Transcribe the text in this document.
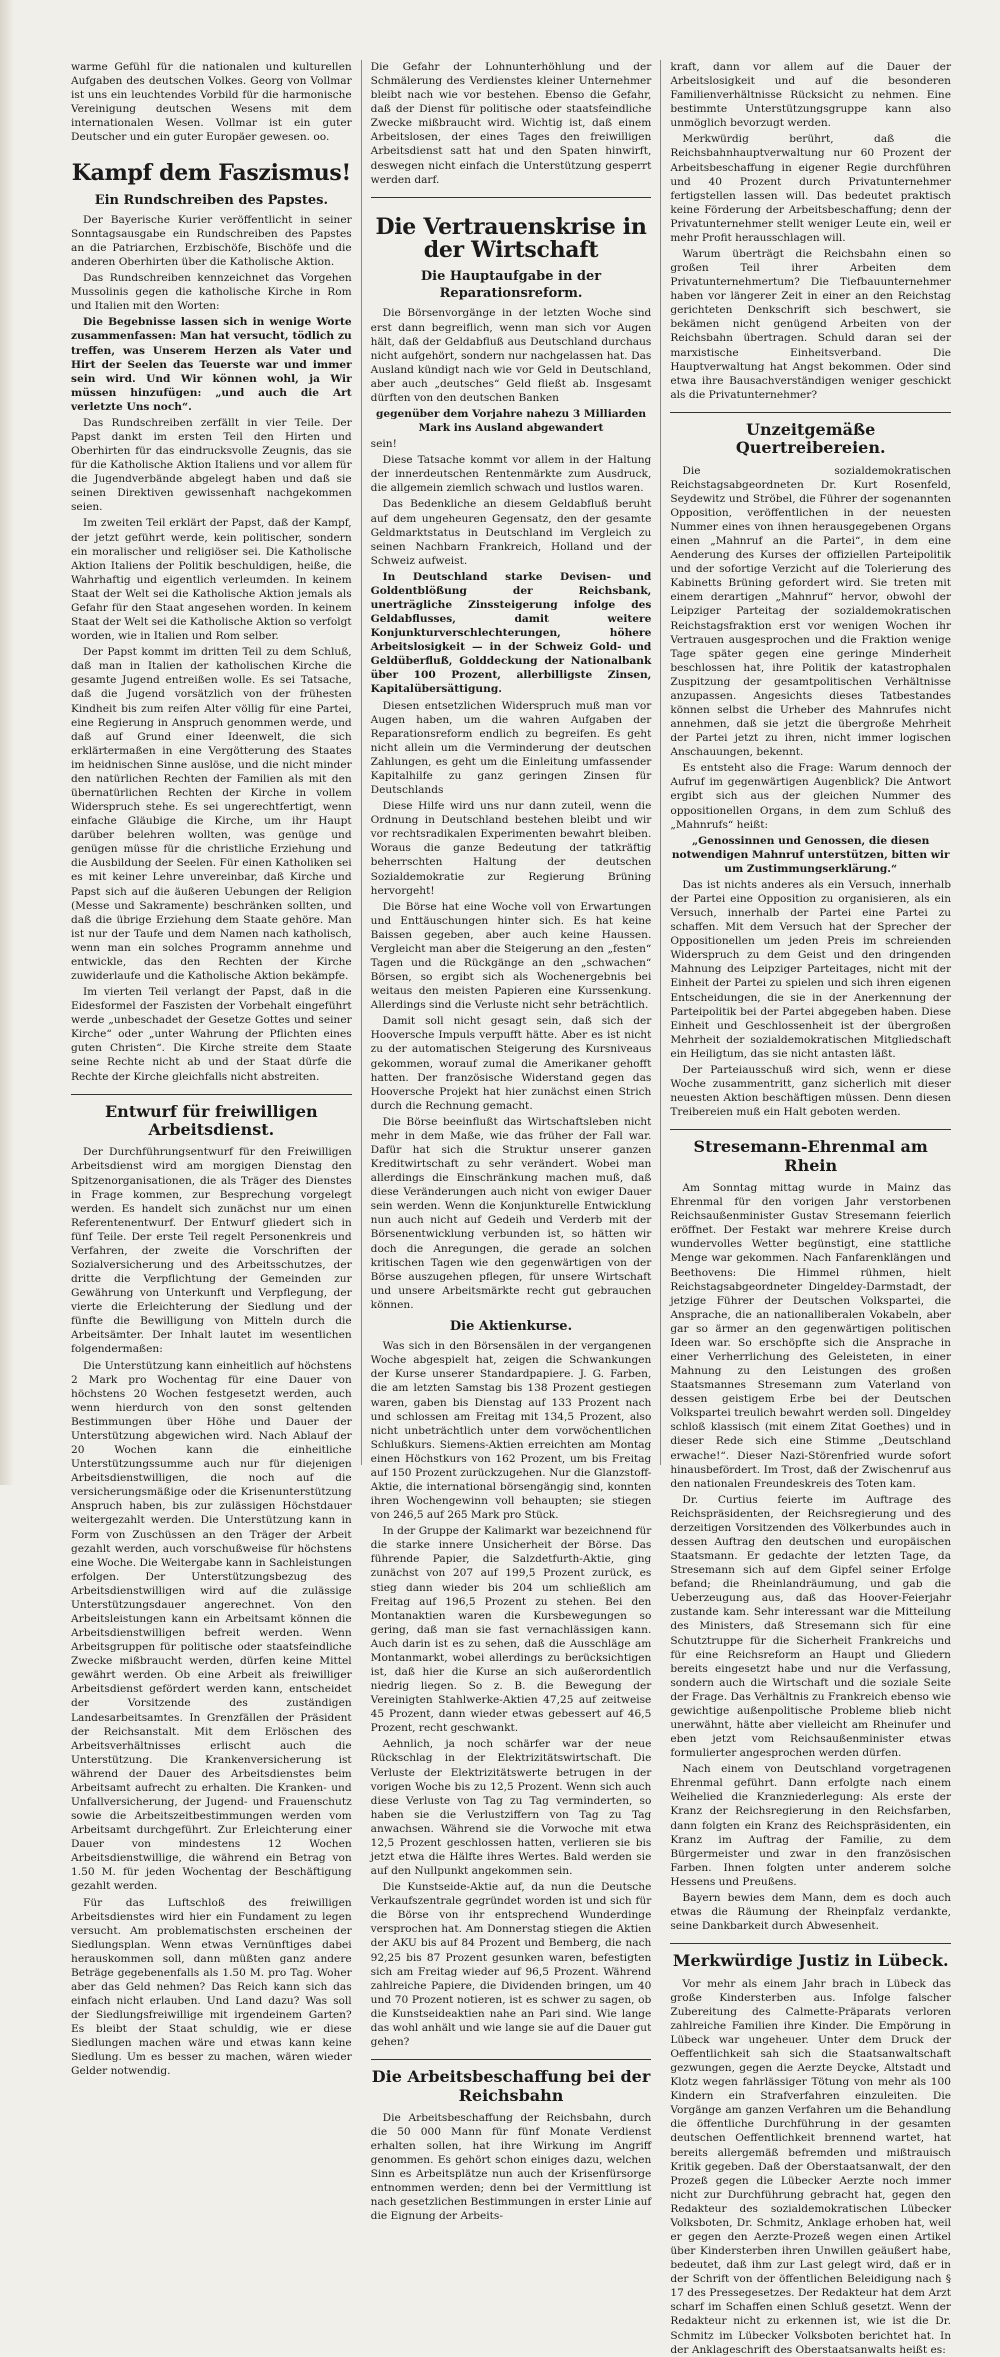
warme Gefühl für die nationalen und kulturellen Aufgaben des deutschen Volkes. Georg von Vollmar ist uns ein leuchtendes Vorbild für die harmonische Vereinigung deutschen Wesens mit dem internationalen Wesen. Vollmar ist ein guter Deutscher und ein guter Europäer gewesen. oo.

Kampf dem Faszismus!
Ein Rundschreiben des Papstes.

Der Bayerische Kurier veröffentlicht in seiner Sonntagsausgabe ein Rundschreiben des Papstes an die Patriarchen, Erzbischöfe, Bischöfe und die anderen Oberhirten über die Katholische Aktion.

Das Rundschreiben kennzeichnet das Vorgehen Mussolinis gegen die katholische Kirche in Rom und Italien mit den Worten:

Die Begebnisse lassen sich in wenige Worte zusammenfassen: Man hat versucht, tödlich zu treffen, was Unserem Herzen als Vater und Hirt der Seelen das Teuerste war und immer sein wird. Und Wir können wohl, ja Wir müssen hinzufügen: „und auch die Art verletzte Uns noch“.

Das Rundschreiben zerfällt in vier Teile. Der Papst dankt im ersten Teil den Hirten und Oberhirten für das eindrucksvolle Zeugnis, das sie für die Katholische Aktion Italiens und vor allem für die Jugendverbände abgelegt haben und daß sie seinen Direktiven gewissenhaft nachgekommen seien.

Im zweiten Teil erklärt der Papst, daß der Kampf, der jetzt geführt werde, kein politischer, sondern ein moralischer und religiöser sei. Die Katholische Aktion Italiens der Politik beschuldigen, heiße, die Wahrhaftig und eigentlich verleumden. In keinem Staat der Welt sei die Katholische Aktion jemals als Gefahr für den Staat angesehen worden. In keinem Staat der Welt sei die Katholische Aktion so verfolgt worden, wie in Italien und Rom selber.

Der Papst kommt im dritten Teil zu dem Schluß, daß man in Italien der katholischen Kirche die gesamte Jugend entreißen wolle. Es sei Tatsache, daß die Jugend vorsätzlich von der frühesten Kindheit bis zum reifen Alter völlig für eine Partei, eine Regierung in Anspruch genommen werde, und daß auf Grund einer Ideenwelt, die sich erklärtermaßen in eine Vergötterung des Staates im heidnischen Sinne auslöse, und die nicht minder den natürlichen Rechten der Familien als mit den übernatürlichen Rechten der Kirche in vollem Widerspruch stehe. Es sei ungerechtfertigt, wenn einfache Gläubige die Kirche, um ihr Haupt darüber belehren wollten, was genüge und genügen müsse für die christliche Erziehung und die Ausbildung der Seelen. Für einen Katholiken sei es mit keiner Lehre unvereinbar, daß Kirche und Papst sich auf die äußeren Uebungen der Religion (Messe und Sakramente) beschränken sollten, und daß die übrige Erziehung dem Staate gehöre. Man ist nur der Taufe und dem Namen nach katholisch, wenn man ein solches Programm annehme und entwickle, das den Rechten der Kirche zuwiderlaufe und die Katholische Aktion bekämpfe.

Im vierten Teil verlangt der Papst, daß in die Eidesformel der Faszisten der Vorbehalt eingeführt werde „unbeschadet der Gesetze Gottes und seiner Kirche“ oder „unter Wahrung der Pflichten eines guten Christen“. Die Kirche streite dem Staate seine Rechte nicht ab und der Staat dürfe die Rechte der Kirche gleichfalls nicht abstreiten.

Entwurf für freiwilligen Arbeitsdienst.

Der Durchführungsentwurf für den Freiwilligen Arbeitsdienst wird am morgigen Dienstag den Spitzenorganisationen, die als Träger des Dienstes in Frage kommen, zur Besprechung vorgelegt werden. Es handelt sich zunächst nur um einen Referentenentwurf. Der Entwurf gliedert sich in fünf Teile. Der erste Teil regelt Personenkreis und Verfahren, der zweite die Vorschriften der Sozialversicherung und des Arbeitsschutzes, der dritte die Verpflichtung der Gemeinden zur Gewährung von Unterkunft und Verpflegung, der vierte die Erleichterung der Siedlung und der fünfte die Bewilligung von Mitteln durch die Arbeitsämter. Der Inhalt lautet im wesentlichen folgendermaßen:

Die Unterstützung kann einheitlich auf höchstens 2 Mark pro Wochentag für eine Dauer von höchstens 20 Wochen festgesetzt werden, auch wenn hierdurch von den sonst geltenden Bestimmungen über Höhe und Dauer der Unterstützung abgewichen wird. Nach Ablauf der 20 Wochen kann die einheitliche Unterstützungssumme auch nur für diejenigen Arbeitsdienstwilligen, die noch auf die versicherungsmäßige oder die Krisenunterstützung Anspruch haben, bis zur zulässigen Höchstdauer weitergezahlt werden. Die Unterstützung kann in Form von Zuschüssen an den Träger der Arbeit gezahlt werden, auch vorschußweise für höchstens eine Woche. Die Weitergabe kann in Sachleistungen erfolgen. Der Unterstützungsbezug des Arbeitsdienstwilligen wird auf die zulässige Unterstützungsdauer angerechnet. Von den Arbeitsleistungen kann ein Arbeitsamt können die Arbeitsdienstwilligen befreit werden. Wenn Arbeitsgruppen für politische oder staatsfeindliche Zwecke mißbraucht werden, dürfen keine Mittel gewährt werden. Ob eine Arbeit als freiwilliger Arbeitsdienst gefördert werden kann, entscheidet der Vorsitzende des zuständigen Landesarbeitsamtes. In Grenzfällen der Präsident der Reichsanstalt. Mit dem Erlöschen des Arbeitsverhältnisses erlischt auch die Unterstützung. Die Krankenversicherung ist während der Dauer des Arbeitsdienstes beim Arbeitsamt aufrecht zu erhalten. Die Kranken- und Unfallversicherung, der Jugend- und Frauenschutz sowie die Arbeitszeitbestimmungen werden vom Arbeitsamt durchgeführt. Zur Erleichterung einer Dauer von mindestens 12 Wochen Arbeitsdienstwillige, die während ein Betrag von 1.50 M. für jeden Wochentag der Beschäftigung gezahlt werden.

Für das Luftschloß des freiwilligen Arbeitsdienstes wird hier ein Fundament zu legen versucht. Am problematischsten erscheinen der Siedlungsplan. Wenn etwas Vernünftiges dabei herauskommen soll, dann müßten ganz andere Beträge gegebenenfalls als 1.50 M. pro Tag. Woher aber das Geld nehmen? Das Reich kann sich das einfach nicht erlauben. Und Land dazu? Was soll der Siedlungsfreiwillige mit irgendeinem Garten? Es bleibt der Staat schuldig, wie er diese Siedlungen machen wäre und etwas kann keine Siedlung. Um es besser zu machen, wären wieder Gelder notwendig.

Die Gefahr der Lohnunterhöhlung und der Schmälerung des Verdienstes kleiner Unternehmer bleibt nach wie vor bestehen. Ebenso die Gefahr, daß der Dienst für politische oder staatsfeindliche Zwecke mißbraucht wird. Wichtig ist, daß einem Arbeitslosen, der eines Tages den freiwilligen Arbeitsdienst satt hat und den Spaten hinwirft, deswegen nicht einfach die Unterstützung gesperrt werden darf.

Die Vertrauenskrise in der Wirtschaft
Die Hauptaufgabe in der Reparationsreform.

Die Börsenvorgänge in der letzten Woche sind erst dann begreiflich, wenn man sich vor Augen hält, daß der Geldabfluß aus Deutschland durchaus nicht aufgehört, sondern nur nachgelassen hat. Das Ausland kündigt nach wie vor Geld in Deutschland, aber auch „deutsches“ Geld fließt ab. Insgesamt dürften von den deutschen Banken

gegenüber dem Vorjahre nahezu 3 Milliarden Mark ins Ausland abgewandert

sein!

Diese Tatsache kommt vor allem in der Haltung der innerdeutschen Rentenmärkte zum Ausdruck, die allgemein ziemlich schwach und lustlos waren.

Das Bedenkliche an diesem Geldabfluß beruht auf dem ungeheuren Gegensatz, den der gesamte Geldmarktstatus in Deutschland im Vergleich zu seinen Nachbarn Frankreich, Holland und der Schweiz aufweist.

In Deutschland starke Devisen- und Goldentblößung der Reichsbank, unerträgliche Zinssteigerung infolge des Geldabflusses, damit weitere Konjunkturverschlechterungen, höhere Arbeitslosigkeit — in der Schweiz Gold- und Geldüberfluß, Golddeckung der Nationalbank über 100 Prozent, allerbilligste Zinsen, Kapitalübersättigung.

Diesen entsetzlichen Widerspruch muß man vor Augen haben, um die wahren Aufgaben der Reparationsreform endlich zu begreifen. Es geht nicht allein um die Verminderung der deutschen Zahlungen, es geht um die Einleitung umfassender Kapitalhilfe zu ganz geringen Zinsen für Deutschlands

Diese Hilfe wird uns nur dann zuteil, wenn die Ordnung in Deutschland bestehen bleibt und wir vor rechtsradikalen Experimenten bewahrt bleiben. Woraus die ganze Bedeutung der tatkräftig beherrschten Haltung der deutschen Sozialdemokratie zur Regierung Brüning hervorgeht!

Die Börse hat eine Woche voll von Erwartungen und Enttäuschungen hinter sich. Es hat keine Baissen gegeben, aber auch keine Haussen. Vergleicht man aber die Steigerung an den „festen“ Tagen und die Rückgänge an den „schwachen“ Börsen, so ergibt sich als Wochenergebnis bei weitaus den meisten Papieren eine Kurssenkung. Allerdings sind die Verluste nicht sehr beträchtlich.

Damit soll nicht gesagt sein, daß sich der Hooversche Impuls verpufft hätte. Aber es ist nicht zu der automatischen Steigerung des Kursniveaus gekommen, worauf zumal die Amerikaner gehofft hatten. Der französische Widerstand gegen das Hooversche Projekt hat hier zunächst einen Strich durch die Rechnung gemacht.

Die Börse beeinflußt das Wirtschaftsleben nicht mehr in dem Maße, wie das früher der Fall war. Dafür hat sich die Struktur unserer ganzen Kreditwirtschaft zu sehr verändert. Wobei man allerdings die Einschränkung machen muß, daß diese Veränderungen auch nicht von ewiger Dauer sein werden. Wenn die Konjunkturelle Entwicklung nun auch nicht auf Gedeih und Verderb mit der Börsenentwicklung verbunden ist, so hätten wir doch die Anregungen, die gerade an solchen kritischen Tagen wie den gegenwärtigen von der Börse auszugehen pflegen, für unsere Wirtschaft und unsere Arbeitsmärkte recht gut gebrauchen können.

Die Aktienkurse.

Was sich in den Börsensälen in der vergangenen Woche abgespielt hat, zeigen die Schwankungen der Kurse unserer Standardpapiere. J. G. Farben, die am letzten Samstag bis 138 Prozent gestiegen waren, gaben bis Dienstag auf 133 Prozent nach und schlossen am Freitag mit 134,5 Prozent, also nicht unbeträchtlich unter dem vorwöchentlichen Schlußkurs. Siemens-Aktien erreichten am Montag einen Höchstkurs von 162 Prozent, um bis Freitag auf 150 Prozent zurückzugehen. Nur die Glanzstoff-Aktie, die international börsengängig sind, konnten ihren Wochengewinn voll behaupten; sie stiegen von 246,5 auf 265 Mark pro Stück.

In der Gruppe der Kalimarkt war bezeichnend für die starke innere Unsicherheit der Börse. Das führende Papier, die Salzdetfurth-Aktie, ging zunächst von 207 auf 199,5 Prozent zurück, es stieg dann wieder bis 204 um schließlich am Freitag auf 196,5 Prozent zu stehen. Bei den Montanaktien waren die Kursbewegungen so gering, daß man sie fast vernachlässigen kann. Auch darin ist es zu sehen, daß die Ausschläge am Montanmarkt, wobei allerdings zu berücksichtigen ist, daß hier die Kurse an sich außerordentlich niedrig liegen. So z. B. die Bewegung der Vereinigten Stahlwerke-Aktien 47,25 auf zeitweise 45 Prozent, dann wieder etwas gebessert auf 46,5 Prozent, recht geschwankt.

Aehnlich, ja noch schärfer war der neue Rückschlag in der Elektrizitätswirtschaft. Die Verluste der Elektrizitätswerte betrugen in der vorigen Woche bis zu 12,5 Prozent. Wenn sich auch diese Verluste von Tag zu Tag verminderten, so haben sie die Verlustziffern von Tag zu Tag anwachsen. Während sie die Vorwoche mit etwa 12,5 Prozent geschlossen hatten, verlieren sie bis jetzt etwa die Hälfte ihres Wertes. Bald werden sie auf den Nullpunkt angekommen sein.

Die Kunstseide-Aktie auf, da nun die Deutsche Verkaufszentrale gegründet worden ist und sich für die Börse von ihr entsprechend Wunderdinge versprochen hat. Am Donnerstag stiegen die Aktien der AKU bis auf 84 Prozent und Bemberg, die nach 92,25 bis 87 Prozent gesunken waren, befestigten sich am Freitag wieder auf 96,5 Prozent. Während zahlreiche Papiere, die Dividenden bringen, um 40 und 70 Prozent notieren, ist es schwer zu sagen, ob die Kunstseideaktien nahe an Pari sind. Wie lange das wohl anhält und wie lange sie auf die Dauer gut gehen?

Die Arbeitsbeschaffung bei der Reichsbahn

Die Arbeitsbeschaffung der Reichsbahn, durch die 50 000 Mann für fünf Monate Verdienst erhalten sollen, hat ihre Wirkung im Angriff genommen. Es gehört schon einiges dazu, welchen Sinn es Arbeitsplätze nun auch der Krisenfürsorge entnommen werden; denn bei der Vermittlung ist nach gesetzlichen Bestimmungen in erster Linie auf die Eignung der Arbeits-

kraft, dann vor allem auf die Dauer der Arbeitslosigkeit und auf die besonderen Familienverhältnisse Rücksicht zu nehmen. Eine bestimmte Unterstützungsgruppe kann also unmöglich bevorzugt werden.

Merkwürdig berührt, daß die Reichsbahnhauptverwaltung nur 60 Prozent der Arbeitsbeschaffung in eigener Regie durchführen und 40 Prozent durch Privatunternehmer fertigstellen lassen will. Das bedeutet praktisch keine Förderung der Arbeitsbeschaffung; denn der Privatunternehmer stellt weniger Leute ein, weil er mehr Profit herausschlagen will.

Warum überträgt die Reichsbahn einen so großen Teil ihrer Arbeiten dem Privatunternehmertum? Die Tiefbauunternehmer haben vor längerer Zeit in einer an den Reichstag gerichteten Denkschrift sich beschwert, sie bekämen nicht genügend Arbeiten von der Reichsbahn übertragen. Schuld daran sei der marxistische Einheitsverband. Die Hauptverwaltung hat Angst bekommen. Oder sind etwa ihre Bausachverständigen weniger geschickt als die Privatunternehmer?

Unzeitgemäße Quertreibereien.

Die sozialdemokratischen Reichstagsabgeordneten Dr. Kurt Rosenfeld, Seydewitz und Ströbel, die Führer der sogenannten Opposition, veröffentlichen in der neuesten Nummer eines von ihnen herausgegebenen Organs einen „Mahnruf an die Partei“, in dem eine Aenderung des Kurses der offiziellen Parteipolitik und der sofortige Verzicht auf die Tolerierung des Kabinetts Brüning gefordert wird. Sie treten mit einem derartigen „Mahnruf“ hervor, obwohl der Leipziger Parteitag der sozialdemokratischen Reichstagsfraktion erst vor wenigen Wochen ihr Vertrauen ausgesprochen und die Fraktion wenige Tage später gegen eine geringe Minderheit beschlossen hat, ihre Politik der katastrophalen Zuspitzung der gesamtpolitischen Verhältnisse anzupassen. Angesichts dieses Tatbestandes können selbst die Urheber des Mahnrufes nicht annehmen, daß sie jetzt die übergroße Mehrheit der Partei jetzt zu ihren, nicht immer logischen Anschauungen, bekennt.

Es entsteht also die Frage: Warum dennoch der Aufruf im gegenwärtigen Augenblick? Die Antwort ergibt sich aus der gleichen Nummer des oppositionellen Organs, in dem zum Schluß des „Mahnrufs“ heißt:

„Genossinnen und Genossen, die diesen notwendigen Mahnruf unterstützen, bitten wir um Zustimmungserklärung.“

Das ist nichts anderes als ein Versuch, innerhalb der Partei eine Opposition zu organisieren, als ein Versuch, innerhalb der Partei eine Partei zu schaffen. Mit dem Versuch hat der Sprecher der Oppositionellen um jeden Preis im schreienden Widerspruch zu dem Geist und den dringenden Mahnung des Leipziger Parteitages, nicht mit der Einheit der Partei zu spielen und sich ihren eigenen Entscheidungen, die sie in der Anerkennung der Parteipolitik bei der Partei abgegeben haben. Diese Einheit und Geschlossenheit ist der übergroßen Mehrheit der sozialdemokratischen Mitgliedschaft ein Heiligtum, das sie nicht antasten läßt.

Der Parteiausschuß wird sich, wenn er diese Woche zusammentritt, ganz sicherlich mit dieser neuesten Aktion beschäftigen müssen. Denn diesen Treibereien muß ein Halt geboten werden.

Stresemann-Ehrenmal am Rhein

Am Sonntag mittag wurde in Mainz das Ehrenmal für den vorigen Jahr verstorbenen Reichsaußenminister Gustav Stresemann feierlich eröffnet. Der Festakt war mehrere Kreise durch wundervolles Wetter begünstigt, eine stattliche Menge war gekommen. Nach Fanfarenklängen und Beethovens: Die Himmel rühmen, hielt Reichstagsabgeordneter Dingeldey-Darmstadt, der jetzige Führer der Deutschen Volkspartei, die Ansprache, die an nationalliberalen Vokabeln, aber gar so ärmer an den gegenwärtigen politischen Ideen war. So erschöpfte sich die Ansprache in einer Verherrlichung des Geleisteten, in einer Mahnung zu den Leistungen des großen Staatsmannes Stresemann zum Vaterland von dessen geistigem Erbe bei der Deutschen Volkspartei treulich bewahrt werden soll. Dingeldey schloß klassisch (mit einem Zitat Goethes) und in dieser Rede sich eine Stimme „Deutschland erwache!“. Dieser Nazi-Störenfried wurde sofort hinausbefördert. Im Trost, daß der Zwischenruf aus den nationalen Freundeskreis des Toten kam.

Dr. Curtius feierte im Auftrage des Reichspräsidenten, der Reichsregierung und des derzeitigen Vorsitzenden des Völkerbundes auch in dessen Auftrag den deutschen und europäischen Staatsmann. Er gedachte der letzten Tage, da Stresemann sich auf dem Gipfel seiner Erfolge befand; die Rheinlandräumung, und gab die Ueberzeugung aus, daß das Hoover-Feierjahr zustande kam. Sehr interessant war die Mitteilung des Ministers, daß Stresemann sich für eine Schutztruppe für die Sicherheit Frankreichs und für eine Reichsreform an Haupt und Gliedern bereits eingesetzt habe und nur die Verfassung, sondern auch die Wirtschaft und die soziale Seite der Frage. Das Verhältnis zu Frankreich ebenso wie gewichtige außenpolitische Probleme blieb nicht unerwähnt, hätte aber vielleicht am Rheinufer und eben jetzt vom Reichsaußenminister etwas formulierter angesprochen werden dürfen.

Nach einem von Deutschland vorgetragenen Ehrenmal geführt. Dann erfolgte nach einem Weihelied die Kranzniederlegung: Als erste der Kranz der Reichsregierung in den Reichsfarben, dann folgten ein Kranz des Reichspräsidenten, ein Kranz im Auftrag der Familie, zu dem Bürgermeister und zwar in den französischen Farben. Ihnen folgten unter anderem solche Hessens und Preußens.

Bayern bewies dem Mann, dem es doch auch etwas die Räumung der Rheinpfalz verdankte, seine Dankbarkeit durch Abwesenheit.

Merkwürdige Justiz in Lübeck.

Vor mehr als einem Jahr brach in Lübeck das große Kindersterben aus. Infolge falscher Zubereitung des Calmette-Präparats verloren zahlreiche Familien ihre Kinder. Die Empörung in Lübeck war ungeheuer. Unter dem Druck der Oeffentlichkeit sah sich die Staatsanwaltschaft gezwungen, gegen die Aerzte Deycke, Altstadt und Klotz wegen fahrlässiger Tötung von mehr als 100 Kindern ein Strafverfahren einzuleiten. Die Vorgänge am ganzen Verfahren um die Behandlung die öffentliche Durchführung in der gesamten deutschen Oeffentlichkeit brennend wartet, hat bereits allergemäß befremden und mißtrauisch Kritik gegeben. Daß der Oberstaatsanwalt, der den Prozeß gegen die Lübecker Aerzte noch immer nicht zur Durchführung gebracht hat, gegen den Redakteur des sozialdemokratischen Lübecker Volksboten, Dr. Schmitz, Anklage erhoben hat, weil er gegen den Aerzte-Prozeß wegen einen Artikel über Kindersterben ihren Unwillen geäußert habe, bedeutet, daß ihm zur Last gelegt wird, daß er in der Schrift von der öffentlichen Beleidigung nach § 17 des Pressegesetzes. Der Redakteur hat dem Arzt scharf im Schaffen einen Schluß gesetzt. Wenn der Redakteur nicht zu erkennen ist, wie ist die Dr. Schmitz im Lübecker Volksboten berichtet hat. In der Anklageschrift des Oberstaatsanwalts heißt es:
